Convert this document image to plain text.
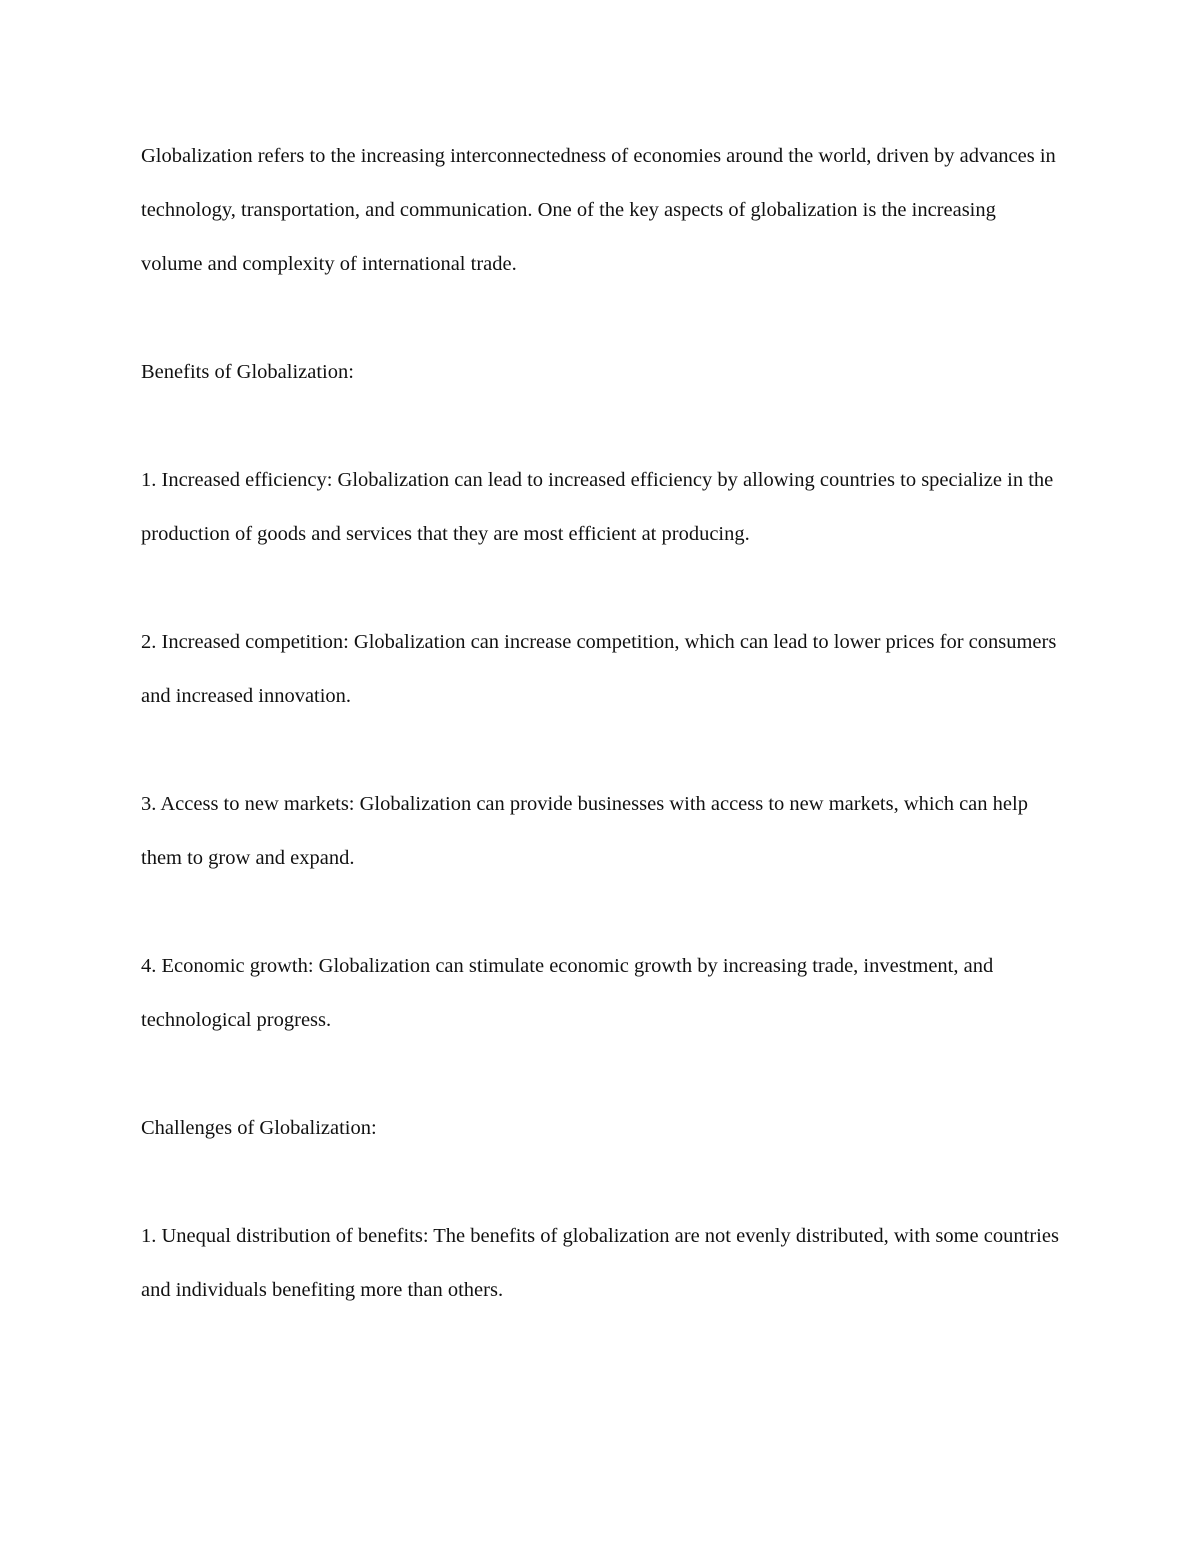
Globalization refers to the increasing interconnectedness of economies around the world, driven by advances in technology, transportation, and communication. One of the key aspects of globalization is the increasing volume and complexity of international trade.

Benefits of Globalization:

1. Increased efficiency: Globalization can lead to increased efficiency by allowing countries to specialize in the production of goods and services that they are most efficient at producing.

2. Increased competition: Globalization can increase competition, which can lead to lower prices for consumers and increased innovation.

3. Access to new markets: Globalization can provide businesses with access to new markets, which can help them to grow and expand.

4. Economic growth: Globalization can stimulate economic growth by increasing trade, investment, and technological progress.

Challenges of Globalization:

1. Unequal distribution of benefits: The benefits of globalization are not evenly distributed, with some countries and individuals benefiting more than others.
